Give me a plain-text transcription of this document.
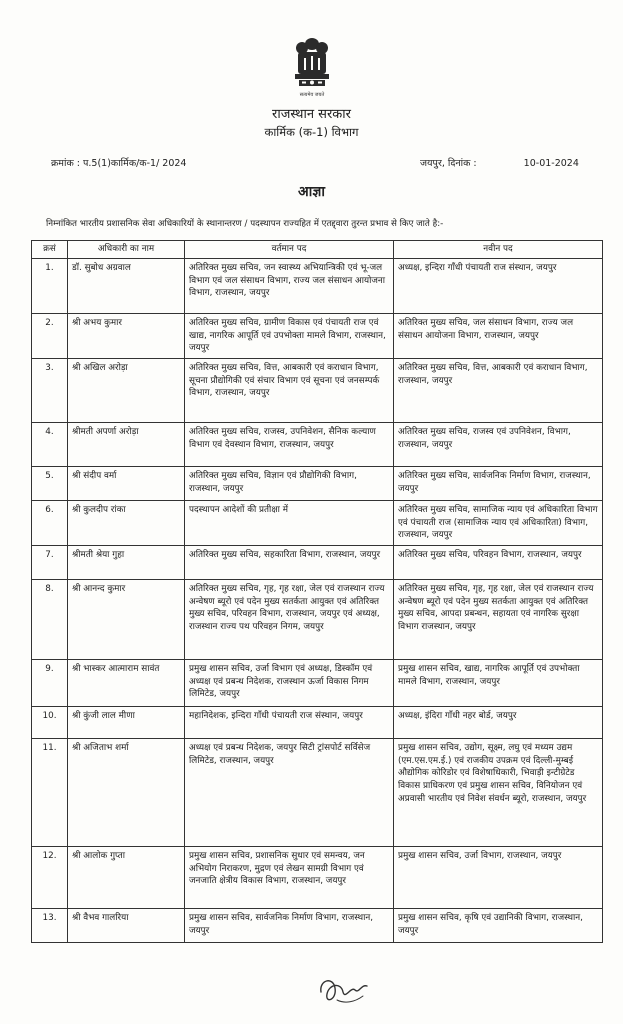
सत्यमेव जयते
राजस्थान सरकार
कार्मिक (क-1) विभाग
क्रमांक : प.5(1)कार्मिक/क-1/ 2024	जयपुर, दिनांक :	10-01-2024
आज्ञा
निम्नांकित भारतीय प्रशासनिक सेवा अधिकारियों के स्थानान्तरण / पदस्थापन राज्यहित में एतद्द्वारा तुरन्त प्रभाव से किए जाते है:-
क्रसं	अधिकारी का नाम	वर्तमान पद	नवीन पद
1.	डॉ. सुबोध अग्रवाल	अतिरिक्त मुख्य सचिव, जन स्वास्थ्य अभियान्त्रिकी एवं भू-जल विभाग एवं जल संसाधन विभाग, राज्य जल संसाधन आयोजना विभाग, राजस्थान, जयपुर	अध्यक्ष, इन्दिरा गाँधी पंचायती राज संस्थान, जयपुर
2.	श्री अभय कुमार	अतिरिक्त मुख्य सचिव, ग्रामीण विकास एवं पंचायती राज एवं खाद्य, नागरिक आपूर्ति एवं उपभोक्ता मामले विभाग, राजस्थान, जयपुर	अतिरिक्त मुख्य सचिव, जल संसाधन विभाग, राज्य जल संसाधन आयोजना विभाग, राजस्थान, जयपुर
3.	श्री अखिल अरोड़ा	अतिरिक्त मुख्य सचिव, वित्त, आबकारी एवं कराधान विभाग, सूचना प्रौद्योगिकी एवं संचार विभाग एवं सूचना एवं जनसम्पर्क विभाग, राजस्थान, जयपुर	अतिरिक्त मुख्य सचिव, वित्त, आबकारी एवं कराधान विभाग, राजस्थान, जयपुर
4.	श्रीमती अपर्णा अरोड़ा	अतिरिक्त मुख्य सचिव, राजस्व, उपनिवेशन, सैनिक कल्याण विभाग एवं देवस्थान विभाग, राजस्थान, जयपुर	अतिरिक्त मुख्य सचिव, राजस्व एवं उपनिवेशन, विभाग, राजस्थान, जयपुर
5.	श्री संदीप वर्मा	अतिरिक्त मुख्य सचिव, विज्ञान एवं प्रौद्योगिकी विभाग, राजस्थान, जयपुर	अतिरिक्त मुख्य सचिव, सार्वजनिक निर्माण विभाग, राजस्थान, जयपुर
6.	श्री कुलदीप रांका	पदस्थापन आदेशों की प्रतीक्षा में	अतिरिक्त मुख्य सचिव, सामाजिक न्याय एवं अधिकारिता विभाग एवं पंचायती राज (सामाजिक न्याय एवं अधिकारिता) विभाग, राजस्थान, जयपुर
7.	श्रीमती श्रेया गुहा	अतिरिक्त मुख्य सचिव, सहकारिता विभाग, राजस्थान, जयपुर	अतिरिक्त मुख्य सचिव, परिवहन विभाग, राजस्थान, जयपुर
8.	श्री आनन्द कुमार	अतिरिक्त मुख्य सचिव, गृह, गृह रक्षा, जेल एवं राजस्थान राज्य अन्वेषण ब्यूरो एवं पदेन मुख्य सतर्कता आयुक्त एवं अतिरिक्त मुख्य सचिव, परिवहन विभाग, राजस्थान, जयपुर एवं अध्यक्ष, राजस्थान राज्य पथ परिवहन निगम, जयपुर	अतिरिक्त मुख्य सचिव, गृह, गृह रक्षा, जेल एवं राजस्थान राज्य अन्वेषण ब्यूरो एवं पदेन मुख्य सतर्कता आयुक्त एवं अतिरिक्त मुख्य सचिव, आपदा प्रबन्धन, सहायता एवं नागरिक सुरक्षा विभाग राजस्थान, जयपुर
9.	श्री भास्कर आत्माराम सावंत	प्रमुख शासन सचिव, उर्जा विभाग एवं अध्यक्ष, डिस्कॉम एवं अध्यक्ष एवं प्रबन्ध निदेशक, राजस्थान ऊर्जा विकास निगम लिमिटेड, जयपुर	प्रमुख शासन सचिव, खाद्य, नागरिक आपूर्ति एवं उपभोक्ता मामले विभाग, राजस्थान, जयपुर
10.	श्री कुंजी लाल मीणा	महानिदेशक, इन्दिरा गाँधी पंचायती राज संस्थान, जयपुर	अध्यक्ष, इंदिरा गाँधी नहर बोर्ड, जयपुर
11.	श्री अजिताभ शर्मा	अध्यक्ष एवं प्रबन्ध निदेशक, जयपुर सिटी ट्रांसपोर्ट सर्विसेज लिमिटेड, राजस्थान, जयपुर	प्रमुख शासन सचिव, उद्योग, सूक्ष्म, लघु एवं मध्यम उद्यम (एम.एस.एम.ई.) एवं राजकीय उपक्रम एवं दिल्ली-मुम्बई औद्योगिक कोरिडोर एवं विशेषाधिकारी, भिवाड़ी इन्टीग्रेटेड विकास प्राधिकरण एवं प्रमुख शासन सचिव, विनियोजन एवं अप्रवासी भारतीय एवं निवेश संवर्धन ब्यूरो, राजस्थान, जयपुर
12.	श्री आलोक गुप्ता	प्रमुख शासन सचिव, प्रशासनिक सुधार एवं समन्वय, जन अभियोग निराकरण, मुद्रण एवं लेखन सामग्री विभाग एवं जनजाति क्षेत्रीय विकास विभाग, राजस्थान, जयपुर	प्रमुख शासन सचिव, उर्जा विभाग, राजस्थान, जयपुर
13.	श्री वैभव गालरिया	प्रमुख शासन सचिव, सार्वजनिक निर्माण विभाग, राजस्थान, जयपुर	प्रमुख शासन सचिव, कृषि एवं उद्यानिकी विभाग, राजस्थान, जयपुर
